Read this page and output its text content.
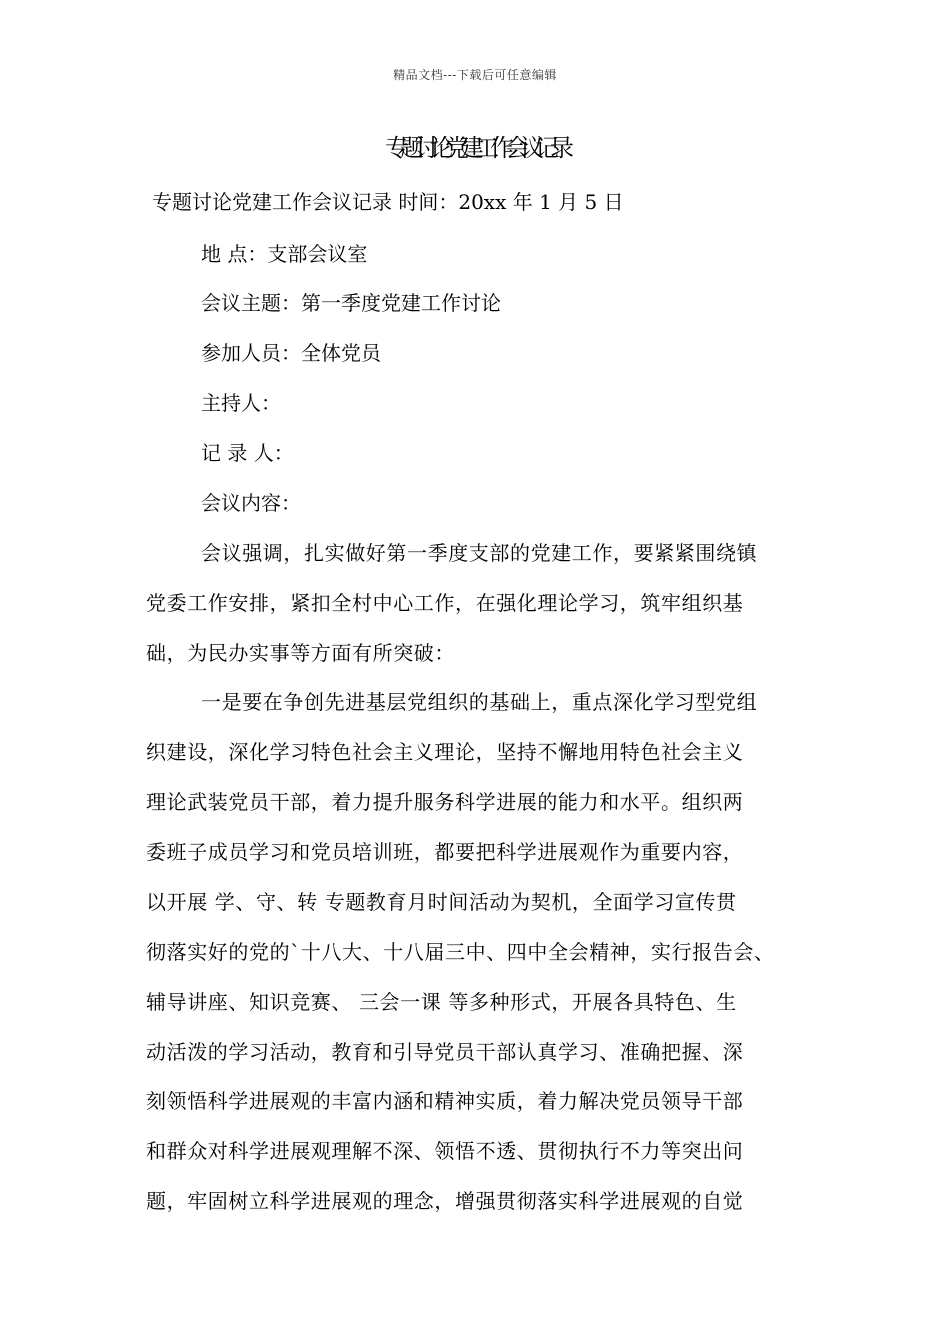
精品文档---下载后可任意编辑
专题讨论党建工作会议记录
专题讨论党建工作会议记录 时间：20xx 年 1 月 5 日
地 点：支部会议室
会议主题：第一季度党建工作讨论
参加人员：全体党员
主持人：
记 录 人：
会议内容：
会议强调，扎实做好第一季度支部的党建工作，要紧紧围绕镇
党委工作安排，紧扣全村中心工作，在强化理论学习，筑牢组织基
础，为民办实事等方面有所突破：
一是要在争创先进基层党组织的基础上，重点深化学习型党组
织建设，深化学习特色社会主义理论，坚持不懈地用特色社会主义
理论武装党员干部，着力提升服务科学进展的能力和水平。组织两
委班子成员学习和党员培训班，都要把科学进展观作为重要内容，
以开展 学、守、转 专题教育月时间活动为契机，全面学习宣传贯
彻落实好的党的`十八大、十八届三中、四中全会精神，实行报告会、
辅导讲座、知识竞赛、 三会一课 等多种形式，开展各具特色、生
动活泼的学习活动，教育和引导党员干部认真学习、准确把握、深
刻领悟科学进展观的丰富内涵和精神实质，着力解决党员领导干部
和群众对科学进展观理解不深、领悟不透、贯彻执行不力等突出问
题，牢固树立科学进展观的理念，增强贯彻落实科学进展观的自觉
